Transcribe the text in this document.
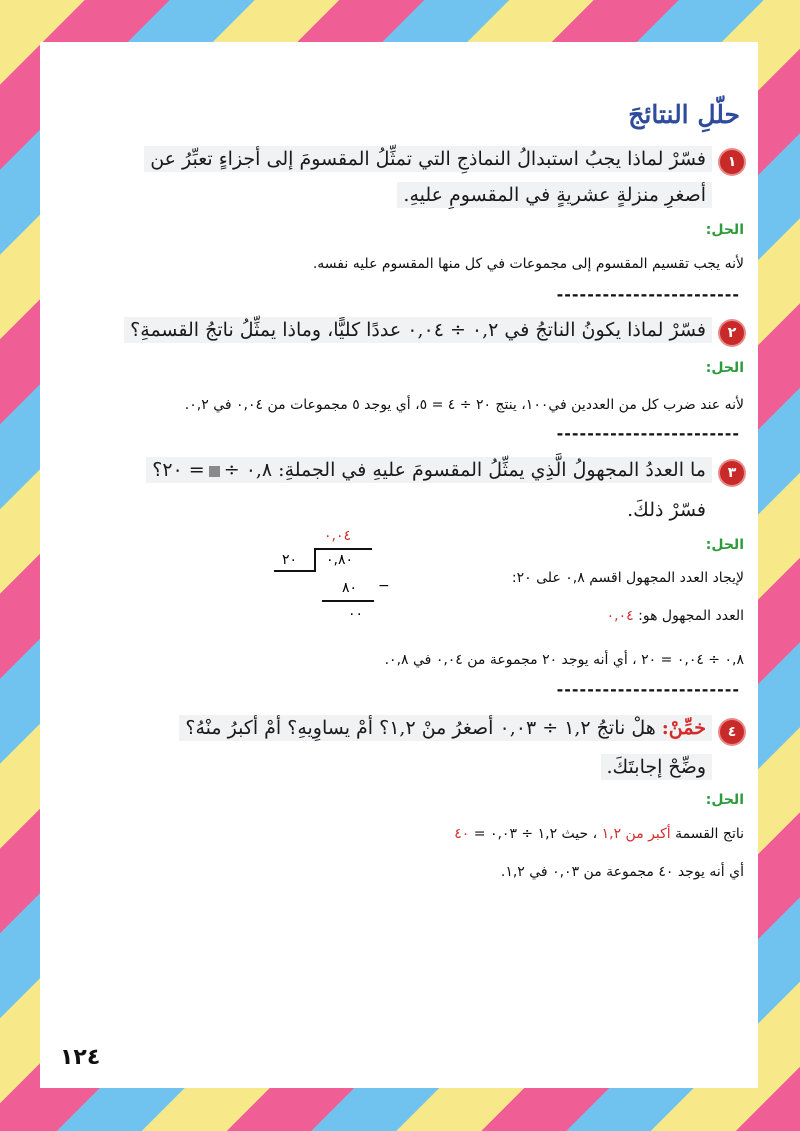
حلّلِ النتائجَ
١
فسّرْ لماذا يجبُ استبدالُ النماذجِ التي تمثِّلُ المقسومَ إلى أجزاءٍ تعبِّرُ عن
أصغرِ منزلةٍ عشريةٍ في المقسومِ عليهِ.
الحل:
لأنه يجب تقسيم المقسوم إلى مجموعات في كل منها المقسوم عليه نفسه.
------------------------
٢
فسّرْ لماذا يكونُ الناتجُ في ٠,٢ ÷ ٠,٠٤ عددًا كليًّا، وماذا يمثِّلُ ناتجُ القسمةِ؟
الحل:
لأنه عند ضرب كل من العددين في١٠٠، ينتج ٢٠ ÷ ٤ = ٥، أي يوجد ٥ مجموعات من ٠,٠٤ في ٠,٢.
------------------------
٣
ما العددُ المجهولُ الَّذِي يمثِّلُ المقسومَ عليهِ في الجملةِ: ٠,٨ ÷= ٢٠؟
فسّرْ ذلكَ.
الحل:
لإيجاد العدد المجهول اقسم ٠,٨ على ٢٠:
العدد المجهول هو: ٠,٠٤
٠,٨ ÷ ٠,٠٤ = ٢٠ ، أي أنه يوجد ٢٠ مجموعة من ٠,٠٤ في ٠,٨.
٠,٠٤
٠,٨٠
٢٠
٨٠ −
٠٠
------------------------
٤
خمِّنْ: هلْ ناتجُ ١,٢ ÷ ٠,٠٣ أصغرُ منْ ١,٢؟ أمْ يساوِيهِ؟ أمْ أكبرُ منْهُ؟
وضِّحْ إجابتَكَ.
الحل:
ناتج القسمة أكبر من ١,٢ ، حيث ١,٢ ÷ ٠,٠٣ = ٤٠
أي أنه يوجد ٤٠ مجموعة من ٠,٠٣ في ١,٢.
١٢٤
